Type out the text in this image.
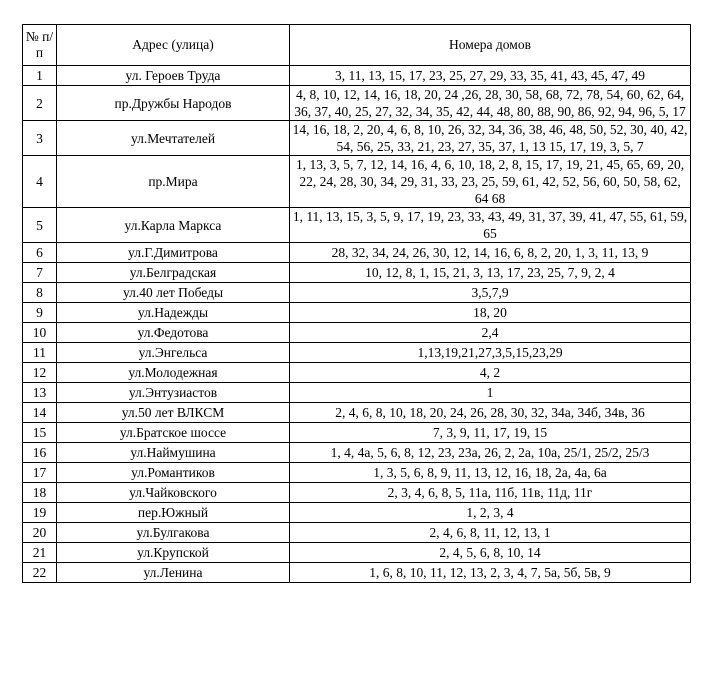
№ п/п	Адрес (улица)	Номера домов
1	ул. Героев Труда	3, 11, 13, 15, 17, 23, 25, 27, 29, 33, 35, 41, 43, 45, 47, 49
2	пр.Дружбы Народов	4, 8, 10, 12, 14, 16, 18, 20, 24 ,26, 28, 30, 58, 68, 72, 78, 54, 60, 62, 64, 36, 37, 40, 25, 27, 32, 34, 35, 42, 44, 48, 80, 88, 90, 86, 92, 94, 96, 5, 17
3	ул.Мечтателей	14, 16, 18, 2, 20, 4, 6, 8, 10, 26, 32, 34, 36, 38, 46, 48, 50, 52, 30, 40, 42, 54, 56, 25, 33, 21, 23, 27, 35, 37, 1, 13 15, 17, 19, 3, 5, 7
4	пр.Мира	1, 13, 3, 5, 7, 12, 14, 16, 4, 6, 10, 18, 2, 8, 15, 17, 19, 21, 45, 65, 69, 20, 22, 24, 28, 30, 34, 29, 31, 33, 23, 25, 59, 61, 42, 52, 56, 60, 50, 58, 62, 64 68
5	ул.Карла Маркса	1, 11, 13, 15, 3, 5, 9, 17, 19, 23, 33, 43, 49, 31, 37, 39, 41, 47, 55, 61, 59, 65
6	ул.Г.Димитрова	28, 32, 34, 24, 26, 30, 12, 14, 16, 6, 8, 2, 20, 1, 3, 11, 13, 9
7	ул.Белградская	10, 12, 8, 1, 15, 21, 3, 13, 17, 23, 25, 7, 9, 2, 4
8	ул.40 лет Победы	3,5,7,9
9	ул.Надежды	18, 20
10	ул.Федотова	2,4
11	ул.Энгельса	1,13,19,21,27,3,5,15,23,29
12	ул.Молодежная	4, 2
13	ул.Энтузиастов	1
14	ул.50 лет ВЛКСМ	2, 4, 6, 8, 10, 18, 20, 24, 26, 28, 30, 32, 34а, 34б, 34в, 36
15	ул.Братское шоссе	7, 3, 9, 11, 17, 19, 15
16	ул.Наймушина	1, 4, 4а, 5, 6, 8, 12, 23, 23а, 26, 2, 2а, 10а, 25/1, 25/2, 25/3
17	ул.Романтиков	1, 3, 5, 6, 8, 9, 11, 13, 12, 16, 18, 2а, 4а, 6а
18	ул.Чайковского	2, 3, 4, 6, 8, 5, 11а, 11б, 11в, 11д, 11г
19	пер.Южный	1, 2, 3, 4
20	ул.Булгакова	2, 4, 6, 8, 11, 12, 13, 1
21	ул.Крупской	2, 4, 5, 6, 8, 10, 14
22	ул.Ленина	1, 6, 8, 10, 11, 12, 13, 2, 3, 4, 7, 5а, 5б, 5в, 9
